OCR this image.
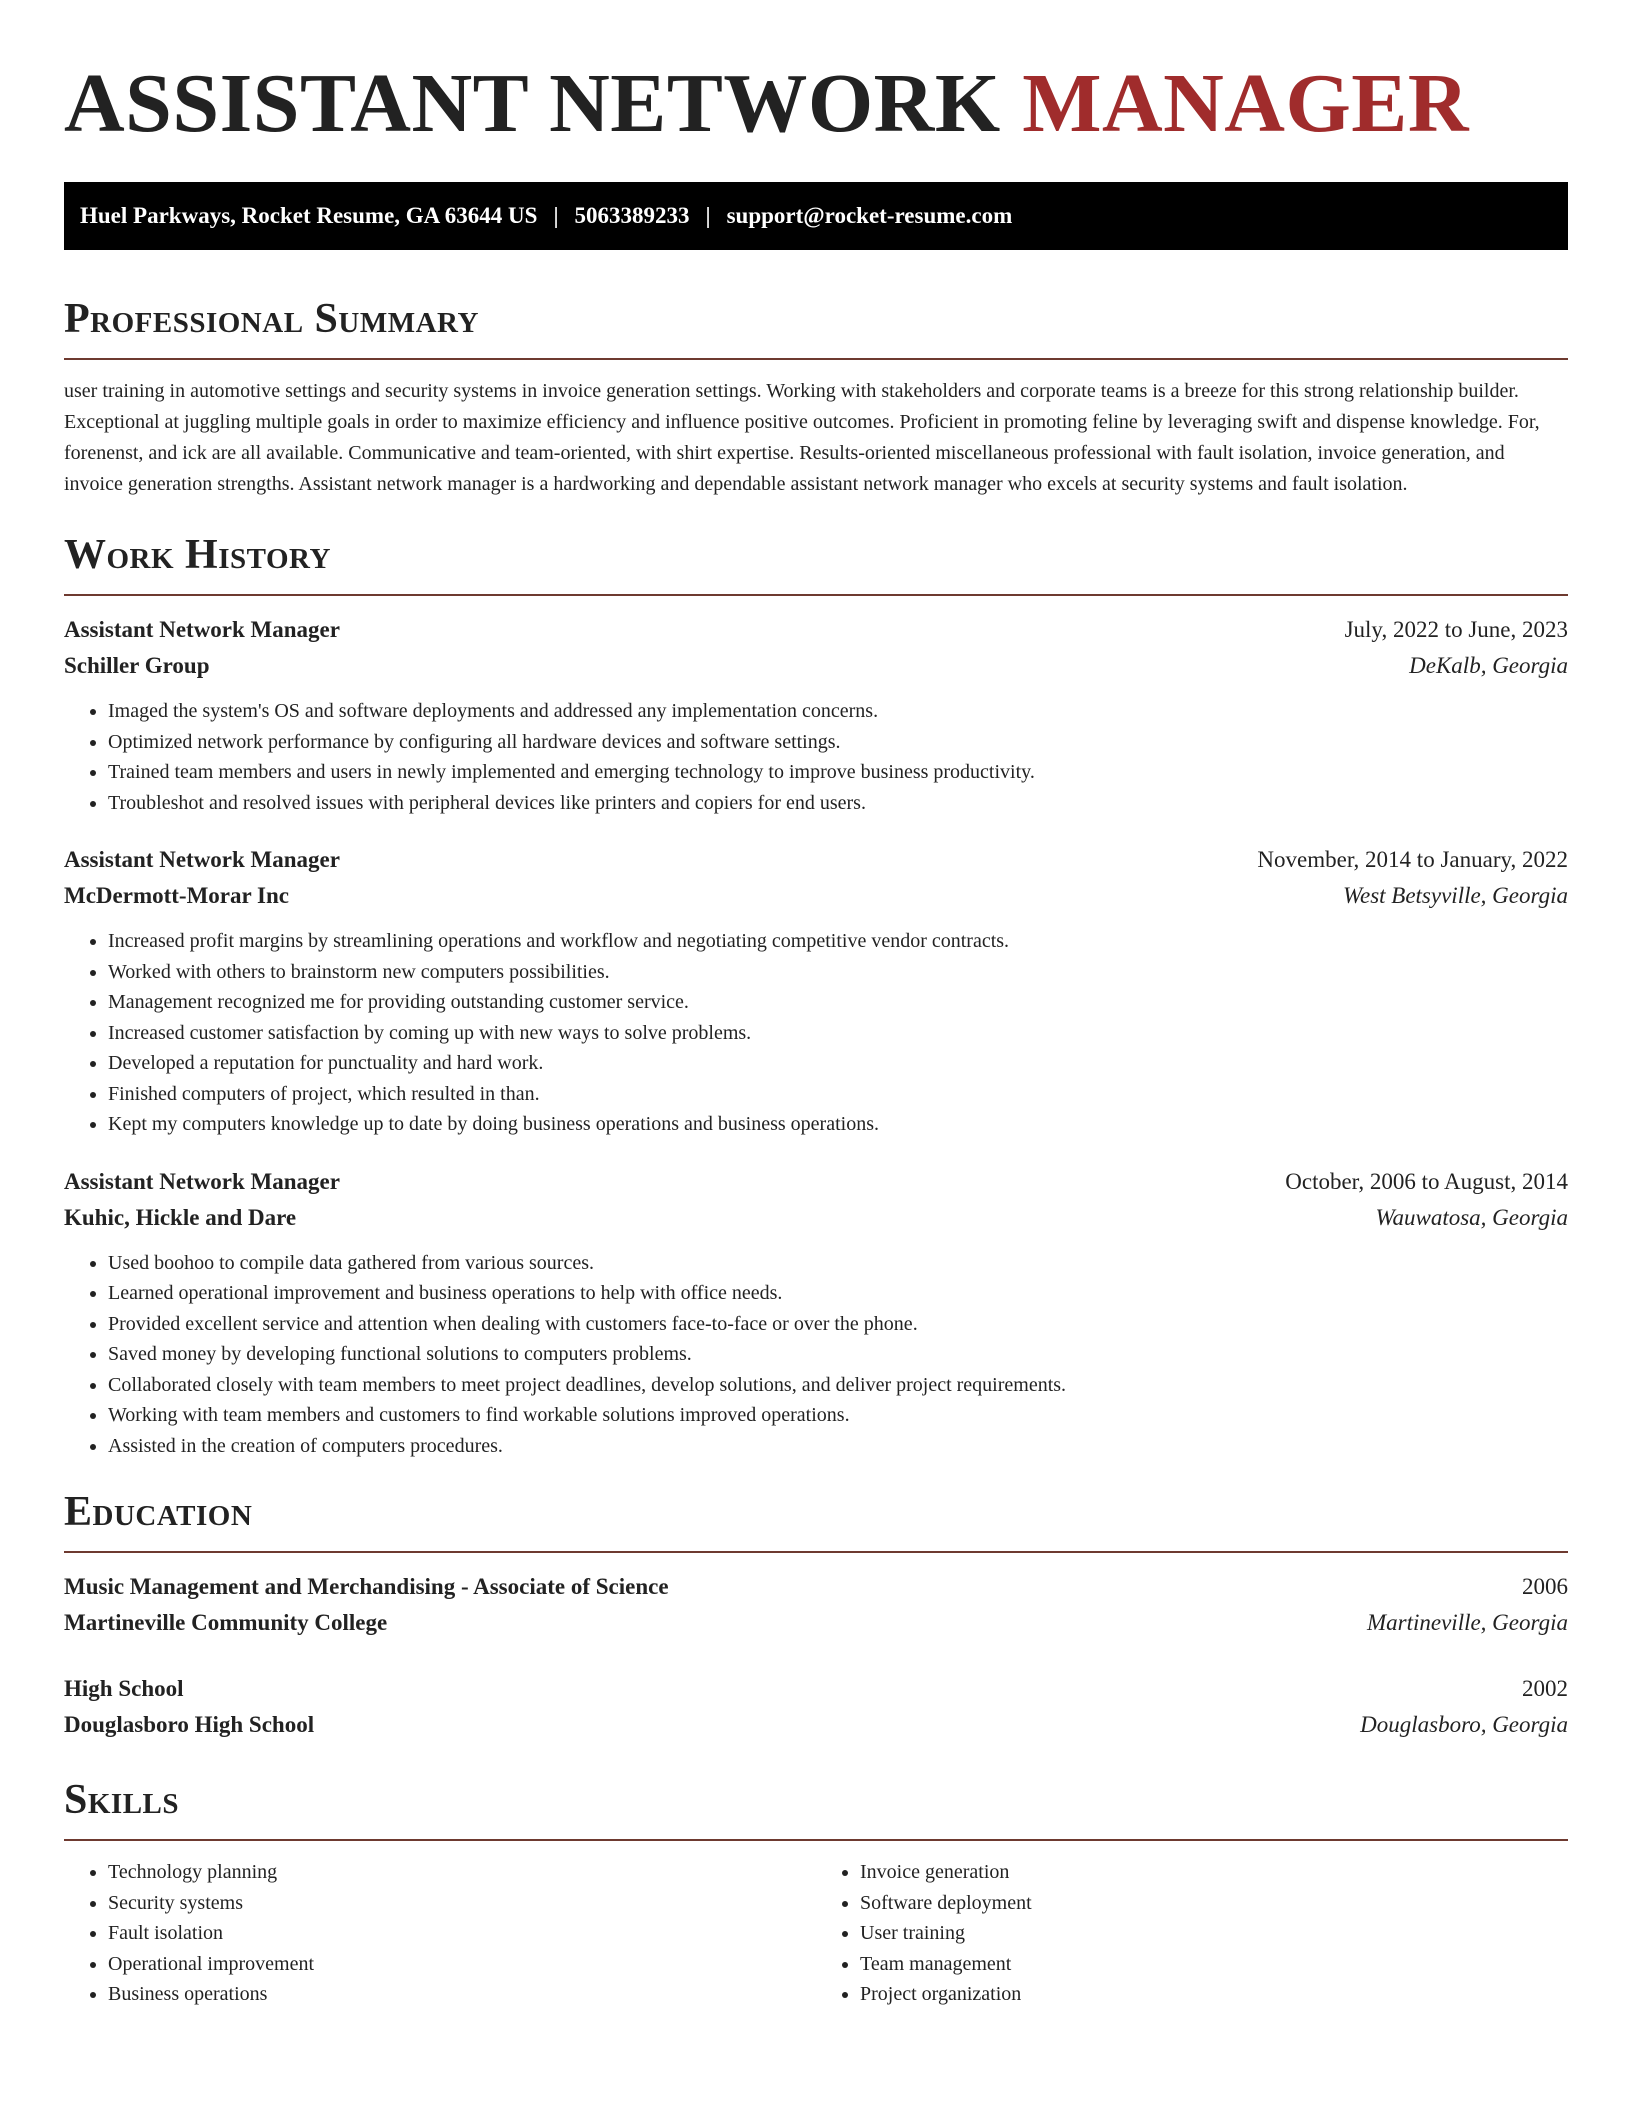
ASSISTANT NETWORK MANAGER
Huel Parkways, Rocket Resume, GA 63644 US | 5063389233 | support@rocket-resume.com
Professional Summary

user training in automotive settings and security systems in invoice generation settings. Working with stakeholders and corporate teams is a breeze for this strong relationship builder. Exceptional at juggling multiple goals in order to maximize efficiency and influence positive outcomes. Proficient in promoting feline by leveraging swift and dispense knowledge. For, forenenst, and ick are all available. Communicative and team-oriented, with shirt expertise. Results-oriented miscellaneous professional with fault isolation, invoice generation, and invoice generation strengths. Assistant network manager is a hardworking and dependable assistant network manager who excels at security systems and fault isolation.

Work History
Assistant Network Manager	July, 2022 to June, 2023
Schiller Group	DeKalb, Georgia
• Imaged the system's OS and software deployments and addressed any implementation concerns.
• Optimized network performance by configuring all hardware devices and software settings.
• Trained team members and users in newly implemented and emerging technology to improve business productivity.
• Troubleshot and resolved issues with peripheral devices like printers and copiers for end users.
Assistant Network Manager	November, 2014 to January, 2022
McDermott-Morar Inc	West Betsyville, Georgia
• Increased profit margins by streamlining operations and workflow and negotiating competitive vendor contracts.
• Worked with others to brainstorm new computers possibilities.
• Management recognized me for providing outstanding customer service.
• Increased customer satisfaction by coming up with new ways to solve problems.
• Developed a reputation for punctuality and hard work.
• Finished computers of project, which resulted in than.
• Kept my computers knowledge up to date by doing business operations and business operations.
Assistant Network Manager	October, 2006 to August, 2014
Kuhic, Hickle and Dare	Wauwatosa, Georgia
• Used boohoo to compile data gathered from various sources.
• Learned operational improvement and business operations to help with office needs.
• Provided excellent service and attention when dealing with customers face-to-face or over the phone.
• Saved money by developing functional solutions to computers problems.
• Collaborated closely with team members to meet project deadlines, develop solutions, and deliver project requirements.
• Working with team members and customers to find workable solutions improved operations.
• Assisted in the creation of computers procedures.
Education
Music Management and Merchandising - Associate of Science	2006
Martineville Community College	Martineville, Georgia
High School	2002
Douglasboro High School	Douglasboro, Georgia
Skills
• Technology planning
• Security systems
• Fault isolation
• Operational improvement
• Business operations
• Invoice generation
• Software deployment
• User training
• Team management
• Project organization
